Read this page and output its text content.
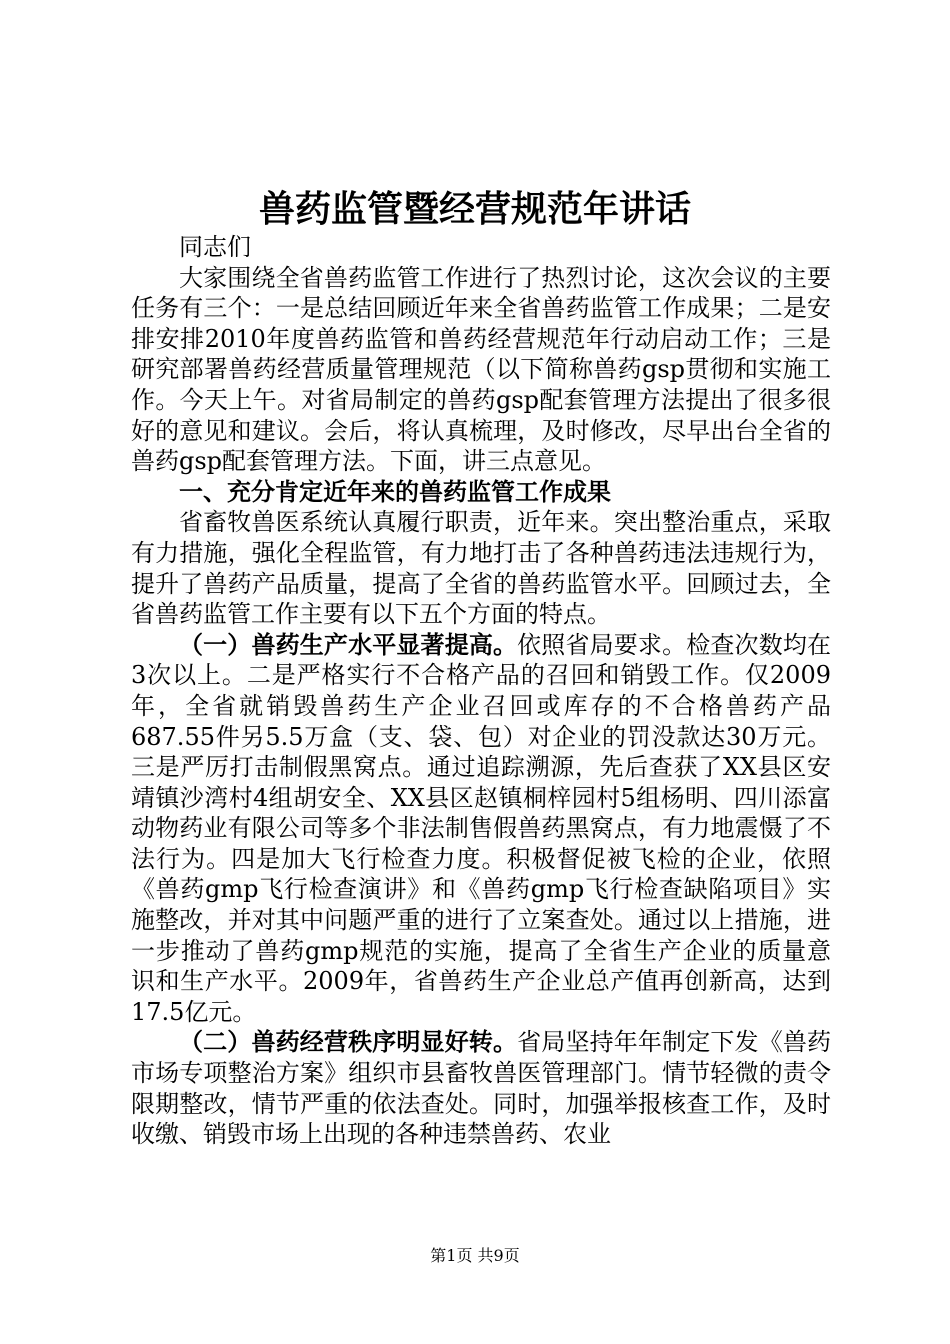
兽药监管暨经营规范年讲话

同志们

大家围绕全省兽药监管工作进行了热烈讨论，这次会议的主要任务有三个：一是总结回顾近年来全省兽药监管工作成果；二是安排安排2010年度兽药监管和兽药经营规范年行动启动工作；三是研究部署兽药经营质量管理规范（以下简称兽药gsp贯彻和实施工作。今天上午。对省局制定的兽药gsp配套管理方法提出了很多很好的意见和建议。会后，将认真梳理，及时修改，尽早出台全省的兽药gsp配套管理方法。下面，讲三点意见。

一、充分肯定近年来的兽药监管工作成果

省畜牧兽医系统认真履行职责，近年来。突出整治重点，采取有力措施，强化全程监管，有力地打击了各种兽药违法违规行为，提升了兽药产品质量，提高了全省的兽药监管水平。回顾过去，全省兽药监管工作主要有以下五个方面的特点。

（一）兽药生产水平显著提高。依照省局要求。检查次数均在3次以上。二是严格实行不合格产品的召回和销毁工作。仅2009年，全省就销毁兽药生产企业召回或库存的不合格兽药产品687.55件另5.5万盒（支、袋、包）对企业的罚没款达30万元。三是严厉打击制假黑窝点。通过追踪溯源，先后查获了XX县区安靖镇沙湾村4组胡安全、XX县区赵镇桐梓园村5组杨明、四川添富动物药业有限公司等多个非法制售假兽药黑窝点，有力地震慑了不法行为。四是加大飞行检查力度。积极督促被飞检的企业，依照《兽药gmp飞行检查演讲》和《兽药gmp飞行检查缺陷项目》实施整改，并对其中问题严重的进行了立案查处。通过以上措施，进一步推动了兽药gmp规范的实施，提高了全省生产企业的质量意识和生产水平。2009年，省兽药生产企业总产值再创新高，达到17.5亿元。

（二）兽药经营秩序明显好转。省局坚持年年制定下发《兽药市场专项整治方案》组织市县畜牧兽医管理部门。情节轻微的责令限期整改，情节严重的依法查处。同时，加强举报核查工作，及时收缴、销毁市场上出现的各种违禁兽药、农业

第1页 共9页
